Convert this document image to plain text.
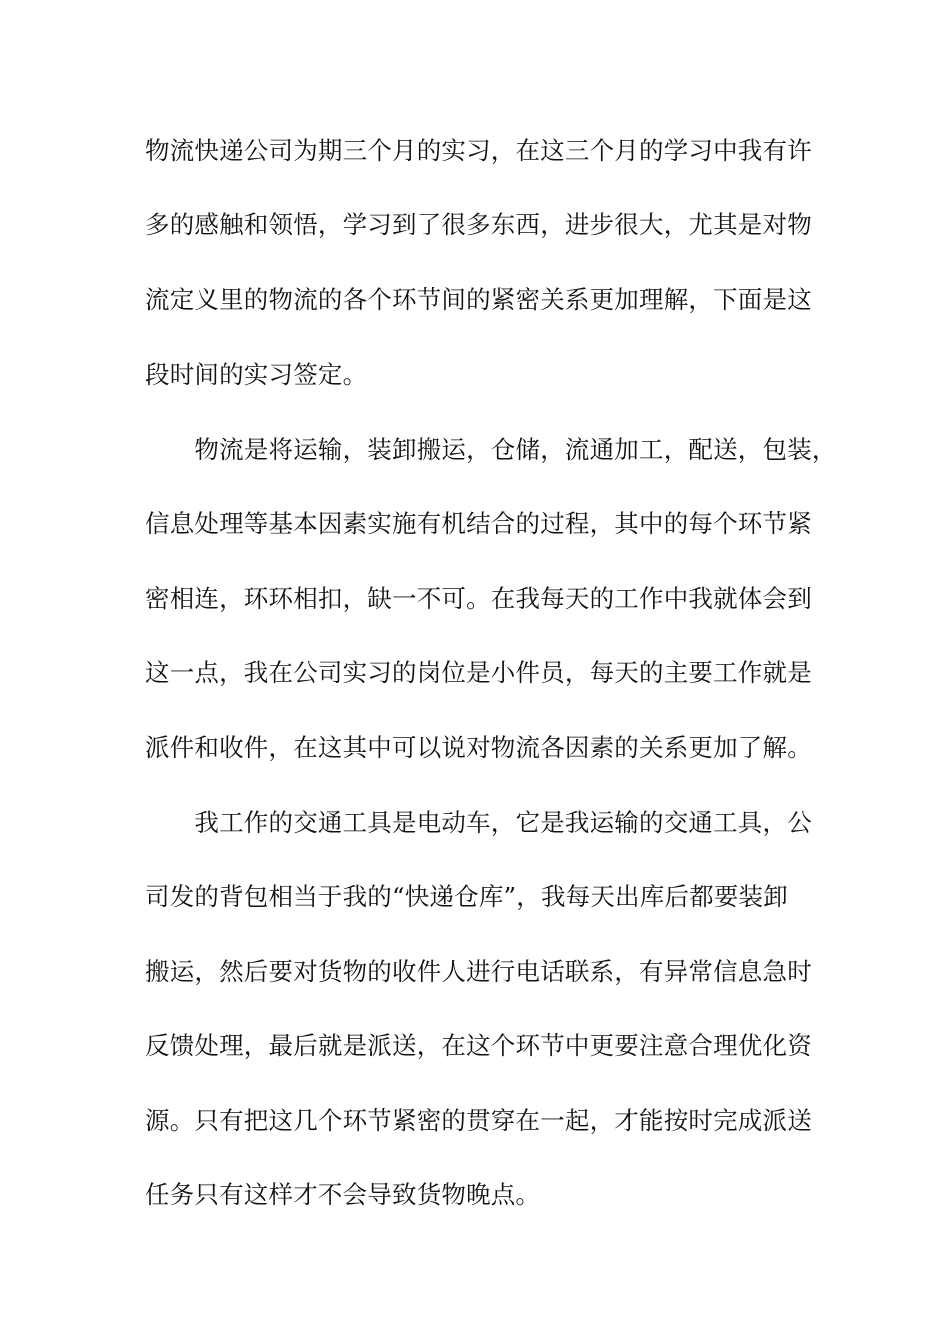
物流快递公司为期三个月的实习，在这三个月的学习中我有许
多的感触和领悟，学习到了很多东西，进步很大，尤其是对物
流定义里的物流的各个环节间的紧密关系更加理解，下面是这
段时间的实习签定。
　　物流是将运输，装卸搬运，仓储，流通加工，配送，包装，
信息处理等基本因素实施有机结合的过程，其中的每个环节紧
密相连，环环相扣，缺一不可。在我每天的工作中我就体会到
这一点，我在公司实习的岗位是小件员，每天的主要工作就是
派件和收件，在这其中可以说对物流各因素的关系更加了解。
　　我工作的交通工具是电动车，它是我运输的交通工具，公
司发的背包相当于我的“快递仓库”，我每天出库后都要装卸
搬运，然后要对货物的收件人进行电话联系，有异常信息急时
反馈处理，最后就是派送，在这个环节中更要注意合理优化资
源。只有把这几个环节紧密的贯穿在一起，才能按时完成派送
任务只有这样才不会导致货物晚点。
